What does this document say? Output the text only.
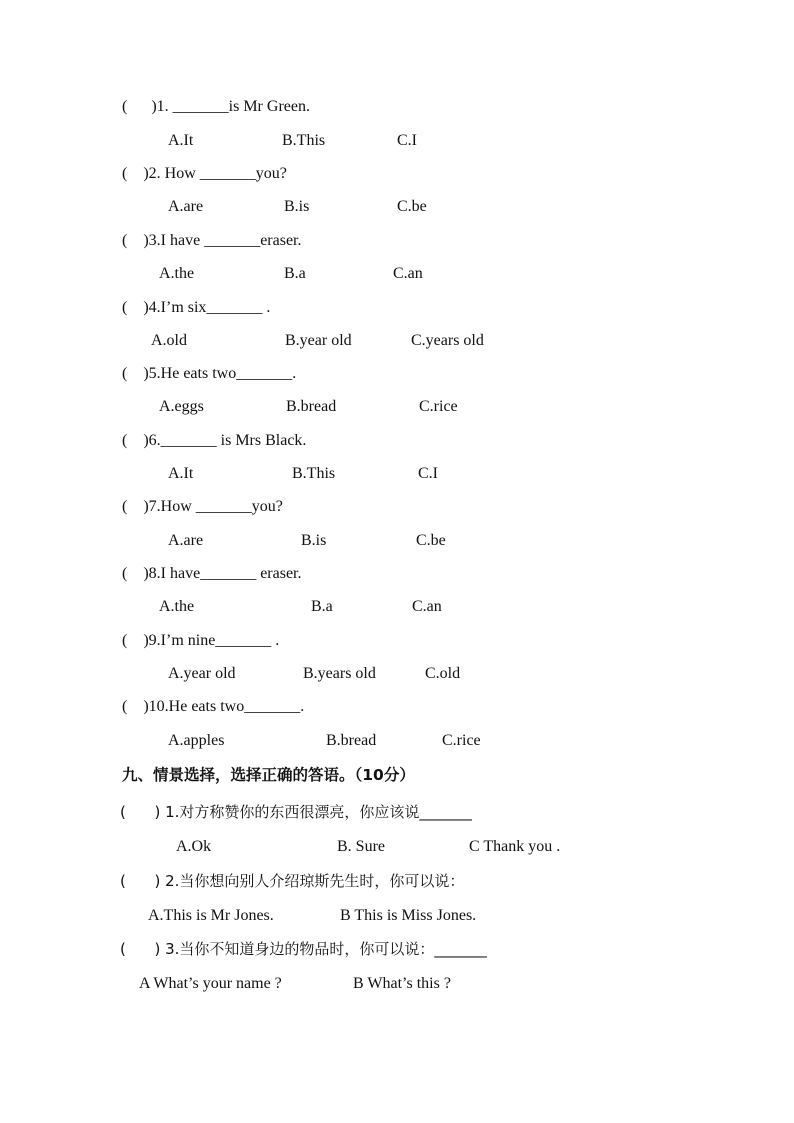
(      )1. _______is Mr Green.
A.It	B.This	C.I
(    )2. How _______you?
A.are	B.is	C.be
(    )3.I have _______eraser.
A.the	B.a	C.an
(    )4.I’m six_______ .
A.old	B.year old	C.years old
(    )5.He eats two_______.
A.eggs	B.bread	C.rice
(    )6._______ is Mrs Black.
A.It	B.This	C.I
(    )7.How _______you?
A.are	B.is	C.be
(    )8.I have_______ eraser.
A.the	B.a	C.an
(    )9.I’m nine_______ .
A.year old	B.years old	C.old
(    )10.He eats two_______.
A.apples	B.bread	C.rice
九、情景选择，选择正确的答语。（10分）
(      ) 1.对方称赞你的东西很漂亮，你应该说_______
A.Ok	B. Sure	C Thank you .
(      ) 2.当你想向别人介绍琼斯先生时，你可以说：
A.This is Mr Jones.	B This is Miss Jones.
(      ) 3.当你不知道身边的物品时，你可以说：_______
A What’s your name ?	B What’s this ?
